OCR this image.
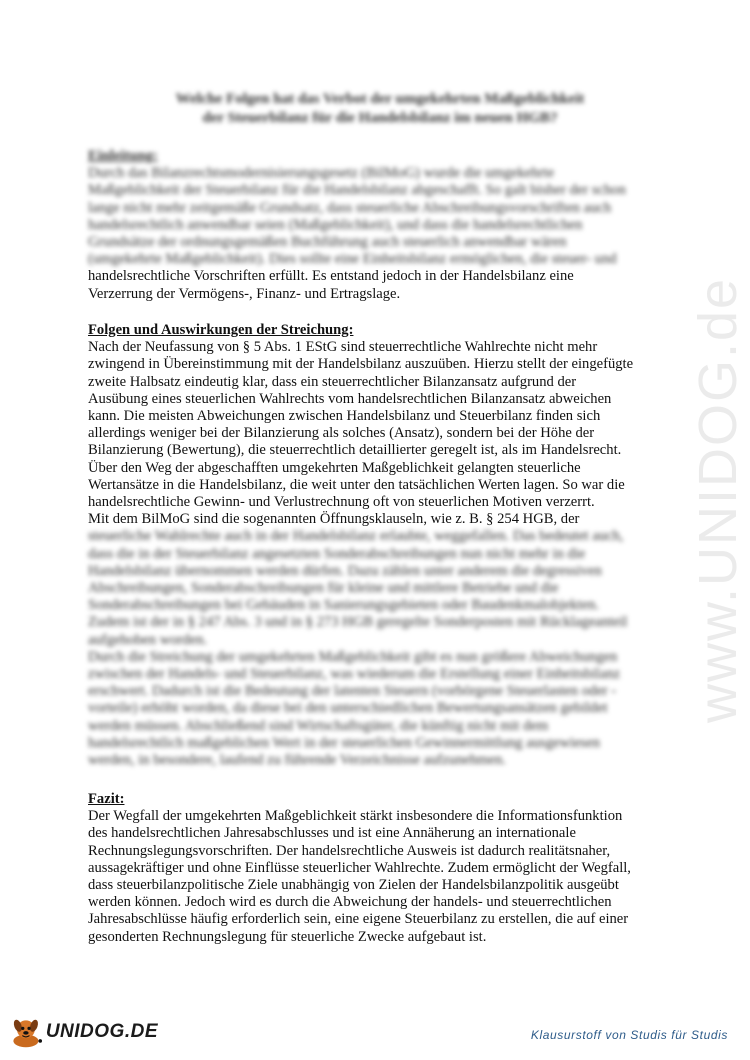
www.UNIDOG.de
Welche Folgen hat das Verbot der umgekehrten Maßgeblichkeit
der Steuerbilanz für die Handelsbilanz im neuen HGB?
Einleitung:
Durch das Bilanzrechtsmodernisierungsgesetz (BilMoG) wurde die umgekehrte
Maßgeblichkeit der Steuerbilanz für die Handelsbilanz abgeschafft. So galt bisher der schon
lange nicht mehr zeitgemäße Grundsatz, dass steuerliche Abschreibungsvorschriften auch
handelsrechtlich anwendbar seien (Maßgeblichkeit), und dass die handelsrechtlichen
Grundsätze der ordnungsgemäßen Buchführung auch steuerlich anwendbar wären
(umgekehrte Maßgeblichkeit). Dies sollte eine Einheitsbilanz ermöglichen, die steuer- und
handelsrechtliche Vorschriften erfüllt. Es entstand jedoch in der Handelsbilanz eine
Verzerrung der Vermögens-, Finanz- und Ertragslage.
Folgen und Auswirkungen der Streichung:
Nach der Neufassung von § 5 Abs. 1 EStG sind steuerrechtliche Wahlrechte nicht mehr
zwingend in Übereinstimmung mit der Handelsbilanz auszuüben. Hierzu stellt der eingefügte
zweite Halbsatz eindeutig klar, dass ein steuerrechtlicher Bilanzansatz aufgrund der
Ausübung eines steuerlichen Wahlrechts vom handelsrechtlichen Bilanzansatz abweichen
kann. Die meisten Abweichungen zwischen Handelsbilanz und Steuerbilanz finden sich
allerdings weniger bei der Bilanzierung als solches (Ansatz), sondern bei der Höhe der
Bilanzierung (Bewertung), die steuerrechtlich detaillierter geregelt ist, als im Handelsrecht.
Über den Weg der abgeschafften umgekehrten Maßgeblichkeit gelangten steuerliche
Wertansätze in die Handelsbilanz, die weit unter den tatsächlichen Werten lagen. So war die
handelsrechtliche Gewinn- und Verlustrechnung oft von steuerlichen Motiven verzerrt.
Mit dem BilMoG sind die sogenannten Öffnungsklauseln, wie z. B. § 254 HGB, der
steuerliche Wahlrechte auch in der Handelsbilanz erlaubte, weggefallen. Das bedeutet auch,
dass die in der Steuerbilanz angesetzten Sonderabschreibungen nun nicht mehr in die
Handelsbilanz übernommen werden dürfen. Dazu zählen unter anderem die degressiven
Abschreibungen, Sonderabschreibungen für kleine und mittlere Betriebe und die
Sonderabschreibungen bei Gebäuden in Sanierungsgebieten oder Baudenkmalobjekten.
Zudem ist der in § 247 Abs. 3 und in § 273 HGB geregelte Sonderposten mit Rücklageanteil
aufgehoben worden.
Durch die Streichung der umgekehrten Maßgeblichkeit gibt es nun größere Abweichungen
zwischen der Handels- und Steuerbilanz, was wiederum die Erstellung einer Einheitsbilanz
erschwert. Dadurch ist die Bedeutung der latenten Steuern (vorbörgene Steuerlasten oder -
vorteile) erhöht worden, da diese bei den unterschiedlichen Bewertungsansätzen gebildet
werden müssen. Abschließend sind Wirtschaftsgüter, die künftig nicht mit dem
handelsrechtlich maßgeblichen Wert in der steuerlichen Gewinnermittlung ausgewiesen
werden, in besondere, laufend zu führende Verzeichnisse aufzunehmen.
Fazit:
Der Wegfall der umgekehrten Maßgeblichkeit stärkt insbesondere die Informationsfunktion
des handelsrechtlichen Jahresabschlusses und ist eine Annäherung an internationale
Rechnungslegungsvorschriften. Der handelsrechtliche Ausweis ist dadurch realitätsnaher,
aussagekräftiger und ohne Einflüsse steuerlicher Wahlrechte. Zudem ermöglicht der Wegfall,
dass steuerbilanzpolitische Ziele unabhängig von Zielen der Handelsbilanzpolitik ausgeübt
werden können. Jedoch wird es durch die Abweichung der handels- und steuerrechtlichen
Jahresabschlüsse häufig erforderlich sein, eine eigene Steuerbilanz zu erstellen, die auf einer
gesonderten Rechnungslegung für steuerliche Zwecke aufgebaut ist.
UNIDOG.DE	Klausurstoff von Studis für Studis
